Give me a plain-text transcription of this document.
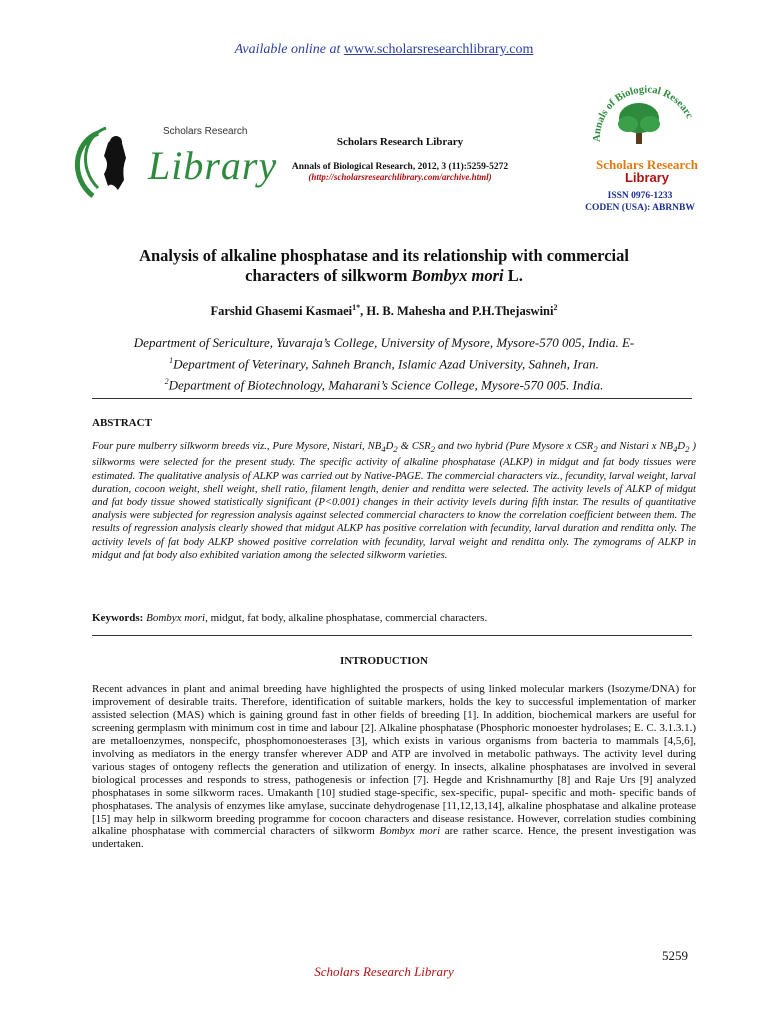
Available online at www.scholarsresearchlibrary.com
Scholars Research
Library
Scholars Research Library
Annals of Biological Research, 2012, 3 (11):5259-5272
(http://scholarsresearchlibrary.com/archive.html)
Annals of Biological Researc
Scholars Research
Library
ISSN 0976-1233
CODEN (USA): ABRNBW
Analysis of alkaline phosphatase and its relationship with commercial
characters of silkworm Bombyx mori L.
Farshid Ghasemi Kasmaei$^{1*}$, H. B. Mahesha and P.H.Thejaswini$^2$
Department of Sericulture, Yuvaraja’s College, University of Mysore, Mysore-570 005, India. E-
$^1$Department of Veterinary, Sahneh Branch, Islamic Azad University, Sahneh, Iran.
$^2$Department of Biotechnology, Maharani’s Science College, Mysore-570 005. India.
ABSTRACT
Four pure mulberry silkworm breeds viz., Pure Mysore, Nistari, $NB_4D_2$ & $CSR_2$ and two hybrid (Pure Mysore x $CSR_2$ and Nistari x $NB_4D_2$ ) silkworms were selected for the present study. The specific activity of alkaline phosphatase (ALKP) in midgut and fat body tissues were estimated. The qualitative analysis of ALKP was carried out by Native-PAGE. The commercial characters viz., fecundity, larval weight, larval duration, cocoon weight, shell weight, shell ratio, filament length, denier and renditta were selected. The activity levels of ALKP of midgut and fat body tissue showed statistically significant (P<0.001) changes in their activity levels during fifth instar. The results of quantitative analysis were subjected for regression analysis against selected commercial characters to know the correlation coefficient between them. The results of regression analysis clearly showed that midgut ALKP has positive correlation with fecundity, larval duration and renditta only. The activity levels of fat body ALKP showed positive correlation with fecundity, larval weight and renditta only. The zymograms of ALKP in midgut and fat body also exhibited variation among the selected silkworm varieties.
Keywords: Bombyx mori, midgut, fat body, alkaline phosphatase, commercial characters.
INTRODUCTION
Recent advances in plant and animal breeding have highlighted the prospects of using linked molecular markers (Isozyme/DNA) for improvement of desirable traits. Therefore, identification of suitable markers, holds the key to successful implementation of marker assisted selection (MAS) which is gaining ground fast in other fields of breeding [1]. In addition, biochemical markers are useful for screening germplasm with minimum cost in time and labour [2]. Alkaline phosphatase (Phosphoric monoester hydrolases; E. C. 3.1.3.1.) are metalloenzymes, nonspecifc, phosphomonoesterases [3], which exists in various organisms from bacteria to mammals [4,5,6], involving as mediators in the energy transfer wherever ADP and ATP are involved in metabolic pathways. The activity level during various stages of ontogeny reflects the generation and utilization of energy. In insects, alkaline phosphatases are involved in several biological processes and responds to stress, pathogenesis or infection [7]. Hegde and Krishnamurthy [8] and Raje Urs [9] analyzed phosphatases in some silkworm races. Umakanth [10] studied stage-specific, sex-specific, pupal- specific and moth- specific bands of phosphatases. The analysis of enzymes like amylase, succinate dehydrogenase [11,12,13,14], alkaline phosphatase and alkaline protease [15] may help in silkworm breeding programme for cocoon characters and disease resistance. However, correlation studies combining alkaline phosphatase with commercial characters of silkworm Bombyx mori are rather scarce. Hence, the present investigation was undertaken.
5259
Scholars Research Library
